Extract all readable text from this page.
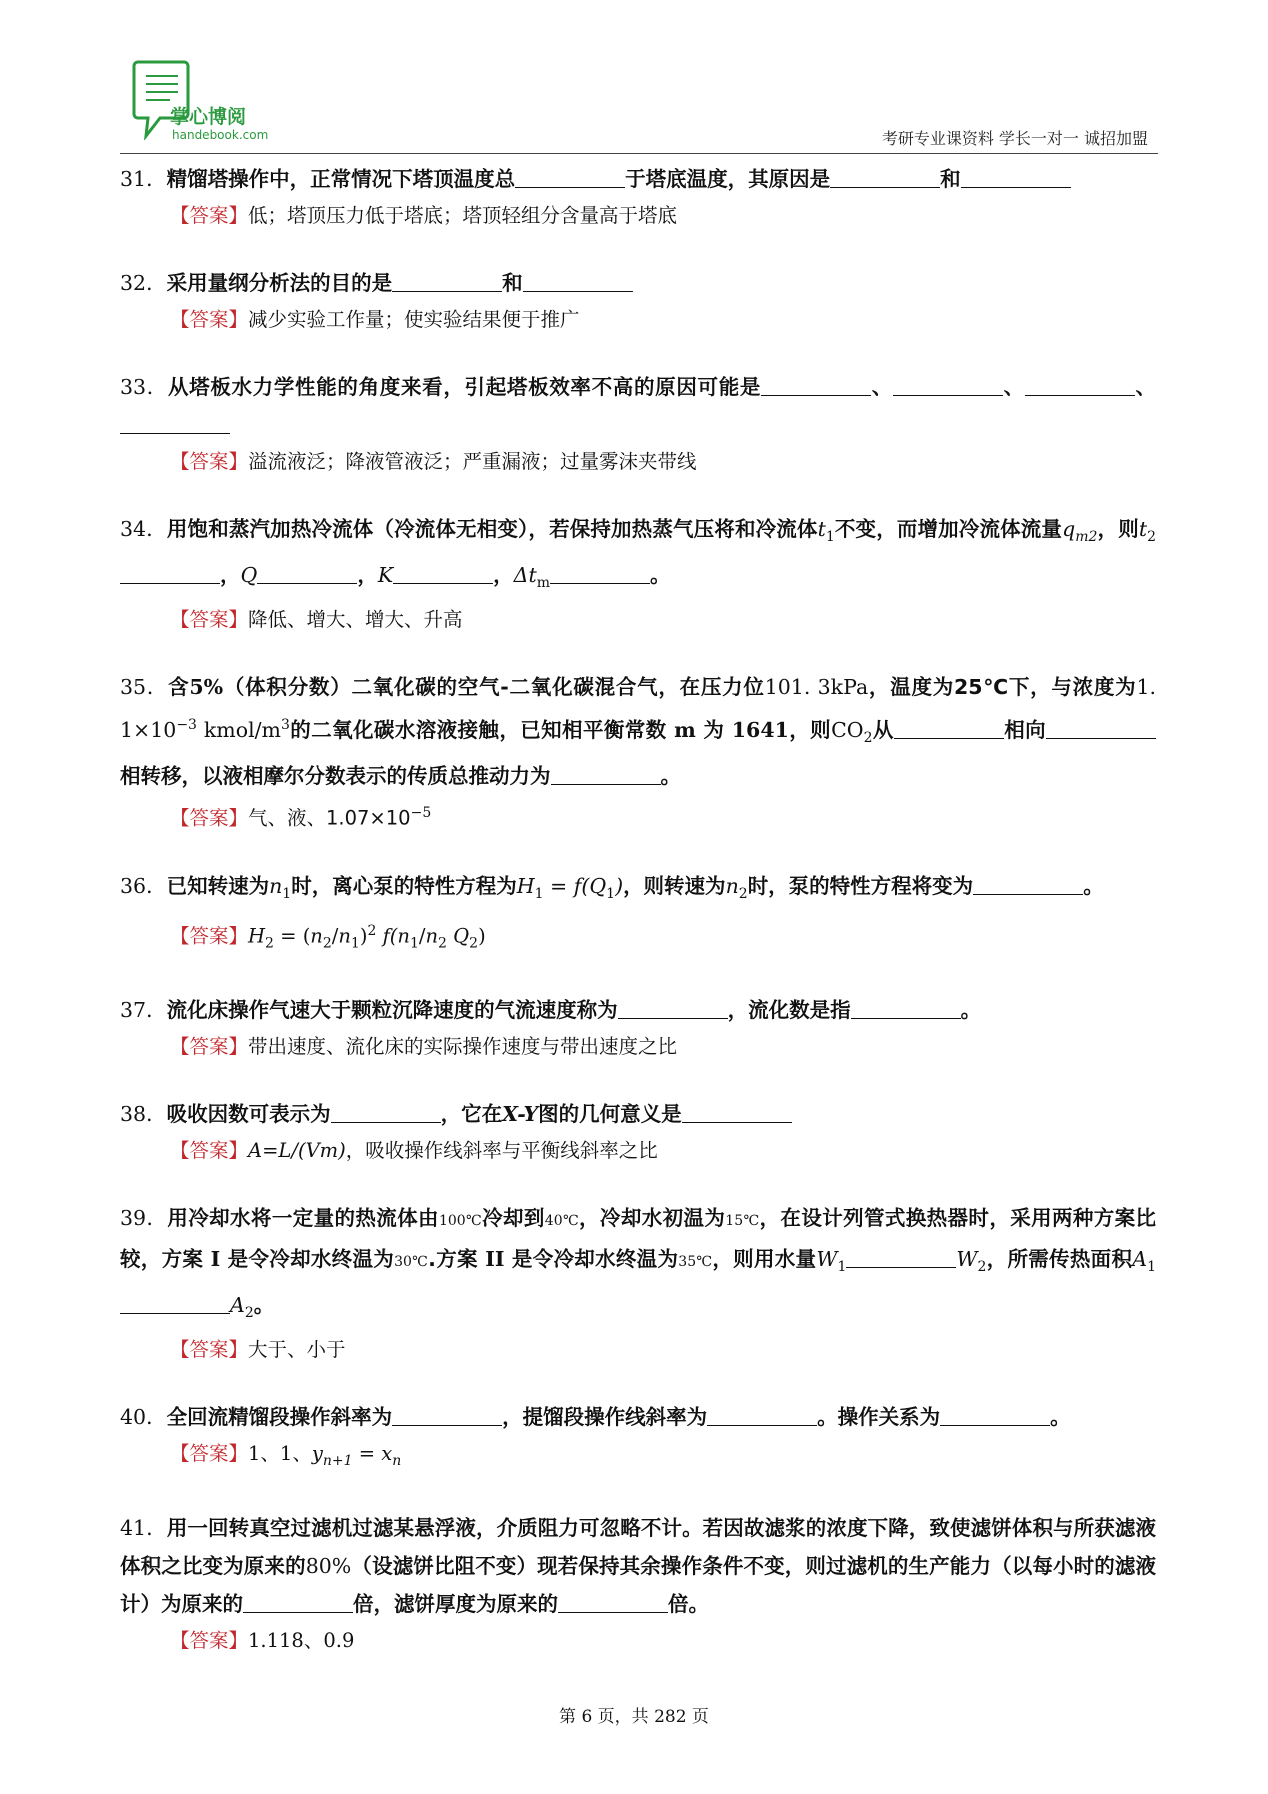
掌心博阅
handebook.com	考研专业课资料 学长一对一 诚招加盟
31．精馏塔操作中，正常情况下塔顶温度总	于塔底温度，其原因是	和
【答案】低；塔顶压力低于塔底；塔顶轻组分含量高于塔底
32．采用量纲分析法的目的是	和
【答案】减少实验工作量；使实验结果便于推广
33．从塔板水力学性能的角度来看，引起塔板效率不高的原因可能是	、	、	、
【答案】溢流液泛；降液管液泛；严重漏液；过量雾沫夹带线
34．用饱和蒸汽加热冷流体（冷流体无相变），若保持加热蒸气压将和冷流体$t_1$不变，而增加冷流体流量$q_{m2}$，则$t_2$，Q	，K	，$\Delta t_m$	。
【答案】降低、增大、增大、升高
35．含5%（体积分数）二氧化碳的空气-二氧化碳混合气，在压力位101. 3kPa，温度为25℃下，与浓度为1. $1\times 10^{-3}$ kmol/$m^3$的二氧化碳水溶液接触，已知相平衡常数 m 为 1641，则$CO_2$从	相向相转移，以液相摩尔分数表示的传质总推动力为	。
【答案】气、液、$1.07\times 10^{-5}$
36．已知转速为$n_1$时，离心泵的特性方程为$H_1 = f(Q_1)$，则转速为$n_2$时，泵的特性方程将变为	。
【答案】$H_2 = (n_2/n_1)^2$ $f(n_1/n_2$ $Q_2$)
37．流化床操作气速大于颗粒沉降速度的气流速度称为	，流化数是指	。
【答案】带出速度、流化床的实际操作速度与带出速度之比
38．吸收因数可表示为	，它在X-Y图的几何意义是
【答案】A=L/(Vm)，吸收操作线斜率与平衡线斜率之比
39．用冷却水将一定量的热流体由100℃冷却到40℃，冷却水初温为15℃，在设计列管式换热器时，采用两种方案比较，方案 I 是令冷却水终温为30℃.方案 II 是令冷却水终温为35℃，则用水量$W_1$	$W_2$，所需传热面积$A_1A_2$。
【答案】大于、小于
40．全回流精馏段操作斜率为	，提馏段操作线斜率为	。操作关系为	。
【答案】1、1、$y_{n+1} = x_n$
41．用一回转真空过滤机过滤某悬浮液，介质阻力可忽略不计。若因故滤浆的浓度下降，致使滤饼体积与所获滤液体积之比变为原来的80%（设滤饼比阻不变）现若保持其余操作条件不变，则过滤机的生产能力（以每小时的滤液计）为原来的	倍，滤饼厚度为原来的	倍。
【答案】1.118、0.9
第 6 页，共 282 页
